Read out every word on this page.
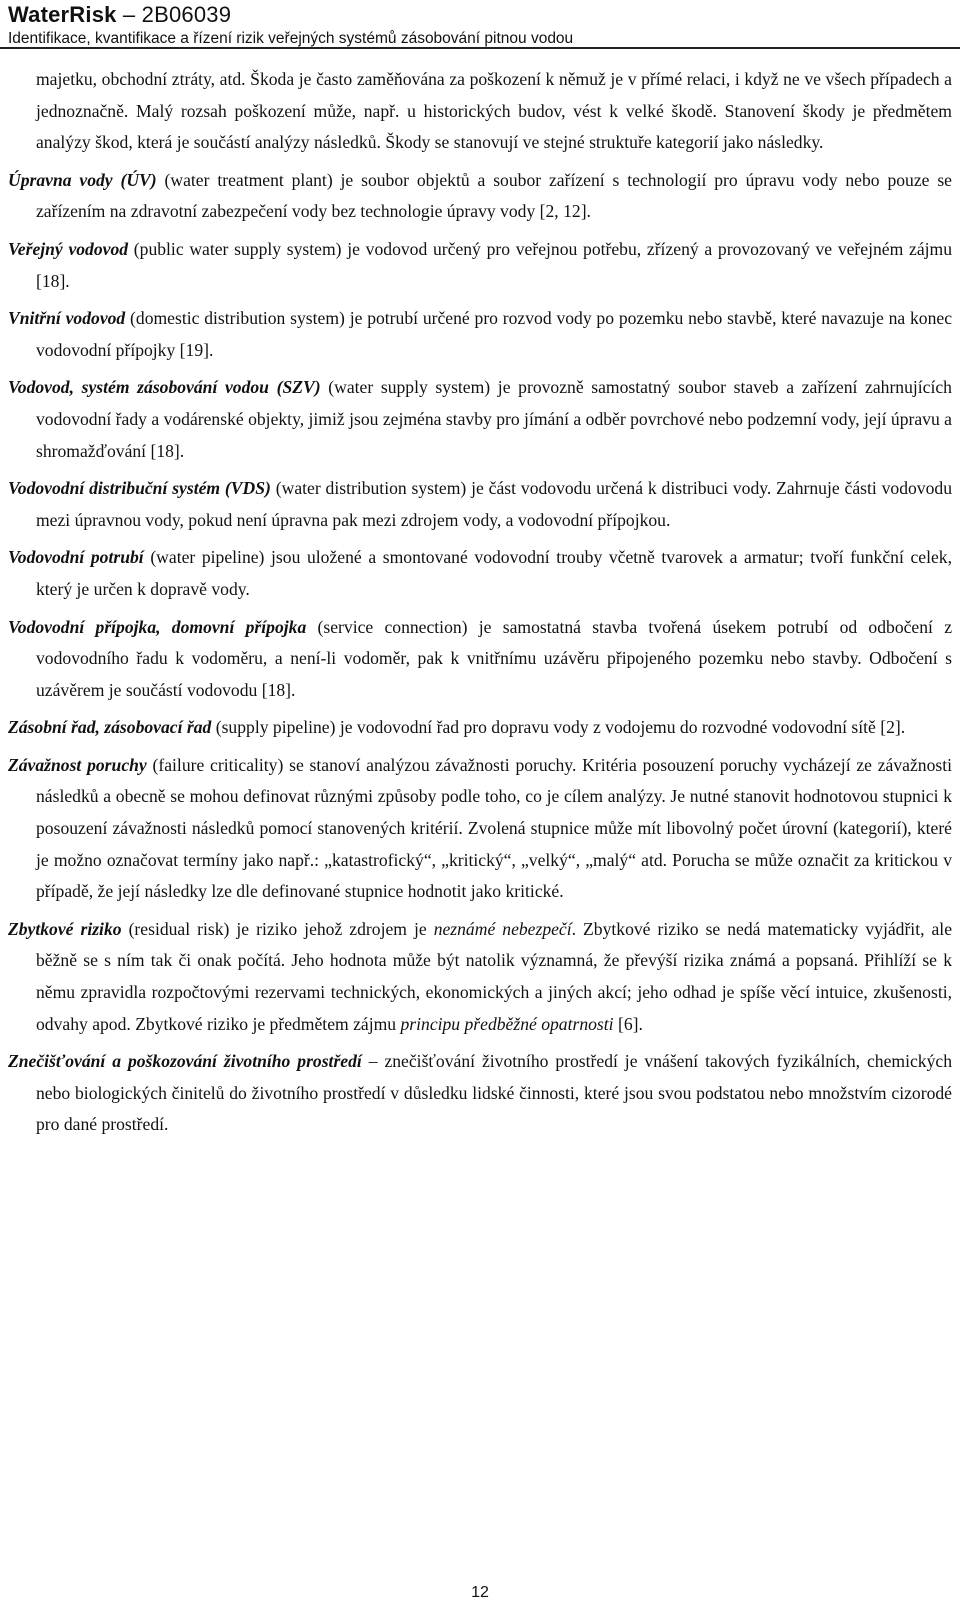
WaterRisk – 2B06039
Identifikace, kvantifikace a řízení rizik veřejných systémů zásobování pitnou vodou

majetku, obchodní ztráty, atd. Škoda je často zaměňována za poškození k němuž je v přímé relaci, i když ne ve všech případech a jednoznačně. Malý rozsah poškození může, např. u historických budov, vést k velké škodě. Stanovení škody je předmětem analýzy škod, která je součástí analýzy následků. Škody se stanovují ve stejné struktuře kategorií jako následky.

Úpravna vody (ÚV) (water treatment plant) je soubor objektů a soubor zařízení s technologií pro úpravu vody nebo pouze se zařízením na zdravotní zabezpečení vody bez technologie úpravy vody [2, 12].

Veřejný vodovod (public water supply system) je vodovod určený pro veřejnou potřebu, zřízený a provozovaný ve veřejném zájmu [18].

Vnitřní vodovod (domestic distribution system) je potrubí určené pro rozvod vody po pozemku nebo stavbě, které navazuje na konec vodovodní přípojky [19].

Vodovod, systém zásobování vodou (SZV) (water supply system) je provozně samostatný soubor staveb a zařízení zahrnujících vodovodní řady a vodárenské objekty, jimiž jsou zejména stavby pro jímání a odběr povrchové nebo podzemní vody, její úpravu a shromažďování [18].

Vodovodní distribuční systém (VDS) (water distribution system) je část vodovodu určená k distribuci vody. Zahrnuje části vodovodu mezi úpravnou vody, pokud není úpravna pak mezi zdrojem vody, a vodovodní přípojkou.

Vodovodní potrubí (water pipeline) jsou uložené a smontované vodovodní trouby včetně tvarovek a armatur; tvoří funkční celek, který je určen k dopravě vody.

Vodovodní přípojka, domovní přípojka (service connection) je samostatná stavba tvořená úsekem potrubí od odbočení z vodovodního řadu k vodoměru, a není-li vodoměr, pak k vnitřnímu uzávěru připojeného pozemku nebo stavby. Odbočení s uzávěrem je součástí vodovodu [18].

Zásobní řad, zásobovací řad (supply pipeline) je vodovodní řad pro dopravu vody z vodojemu do rozvodné vodovodní sítě [2].

Závažnost poruchy (failure criticality) se stanoví analýzou závažnosti poruchy. Kritéria posouzení poruchy vycházejí ze závažnosti následků a obecně se mohou definovat různými způsoby podle toho, co je cílem analýzy. Je nutné stanovit hodnotovou stupnici k posouzení závažnosti následků pomocí stanovených kritérií. Zvolená stupnice může mít libovolný počet úrovní (kategorií), které je možno označovat termíny jako např.: „katastrofický“, „kritický“, „velký“, „malý“ atd. Porucha se může označit za kritickou v případě, že její následky lze dle definované stupnice hodnotit jako kritické.

Zbytkové riziko (residual risk) je riziko jehož zdrojem je neznámé nebezpečí. Zbytkové riziko se nedá matematicky vyjádřit, ale běžně se s ním tak či onak počítá. Jeho hodnota může být natolik významná, že převýší rizika známá a popsaná. Přihlíží se k němu zpravidla rozpočtovými rezervami technických, ekonomických a jiných akcí; jeho odhad je spíše věcí intuice, zkušenosti, odvahy apod. Zbytkové riziko je předmětem zájmu principu předběžné opatrnosti [6].

Znečišťování a poškozování životního prostředí – znečišťování životního prostředí je vnášení takových fyzikálních, chemických nebo biologických činitelů do životního prostředí v důsledku lidské činnosti, které jsou svou podstatou nebo množstvím cizorodé pro dané prostředí.

12
